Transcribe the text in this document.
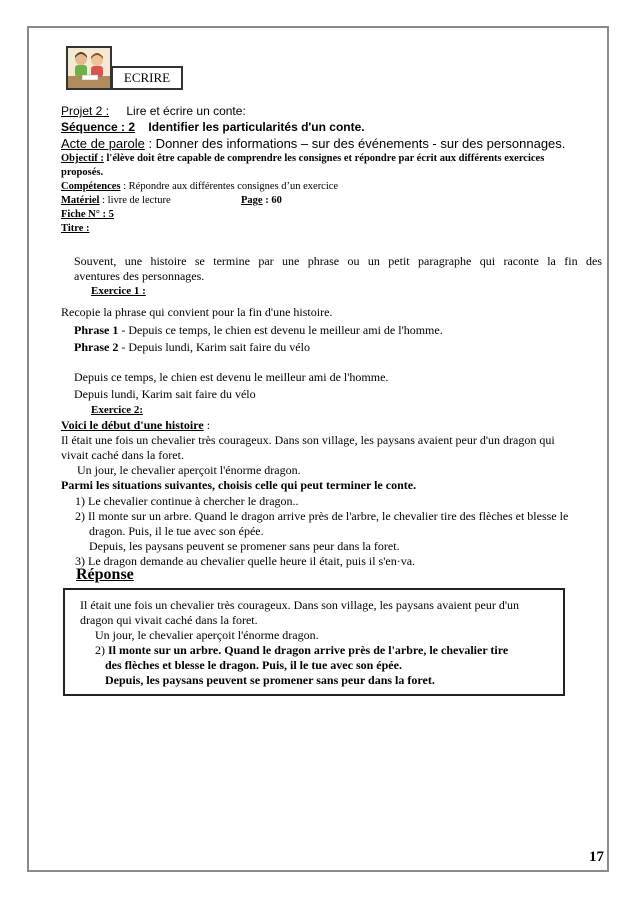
ECRIRE
Projet 2 : Lire et écrire un conte:
Séquence : 2 Identifier les particularités d'un conte.
Acte de parole : Donner des informations – sur des événements - sur des personnages.
Objectif : l'élève doit être capable de comprendre les consignes et répondre par écrit aux différents exercices
proposés.
Compétences : Répondre aux différentes consignes d’un exercice
Matériel : livre de lecture	Page : 60
Fiche N° : 5
Titre :
Souvent, une histoire se termine par une phrase ou un petit paragraphe qui raconte la fin des
aventures des personnages.
Exercice 1 :
Recopie la phrase qui convient pour la fin d'une histoire.
Phrase 1 - Depuis ce temps, le chien est devenu le meilleur ami de l'homme.
Phrase 2 - Depuis lundi, Karim sait faire du vélo
Depuis ce temps, le chien est devenu le meilleur ami de l'homme.
Depuis lundi, Karim sait faire du vélo
Exercice 2:
Voici le début d'une histoire :
Il était une fois un chevalier très courageux. Dans son village, les paysans avaient peur d'un dragon qui
vivait caché dans la foret.
Un jour, le chevalier aperçoit l'énorme dragon.
Parmi les situations suivantes, choisis celle qui peut terminer le conte.
1) Le chevalier continue à chercher le dragon..
2) Il monte sur un arbre. Quand le dragon arrive près de l'arbre, le chevalier tire des flèches et blesse le
dragon. Puis, il le tue avec son épée.
Depuis, les paysans peuvent se promener sans peur dans la foret.
3) Le dragon demande au chevalier quelle heure il était, puis il s'en·va.
Réponse
Il était une fois un chevalier très courageux. Dans son village, les paysans avaient peur d'un
dragon qui vivait caché dans la foret.
Un jour, le chevalier aperçoit l'énorme dragon.
2) Il monte sur un arbre. Quand le dragon arrive près de l'arbre, le chevalier tire
des flèches et blesse le dragon. Puis, il le tue avec son épée.
Depuis, les paysans peuvent se promener sans peur dans la foret.
17
